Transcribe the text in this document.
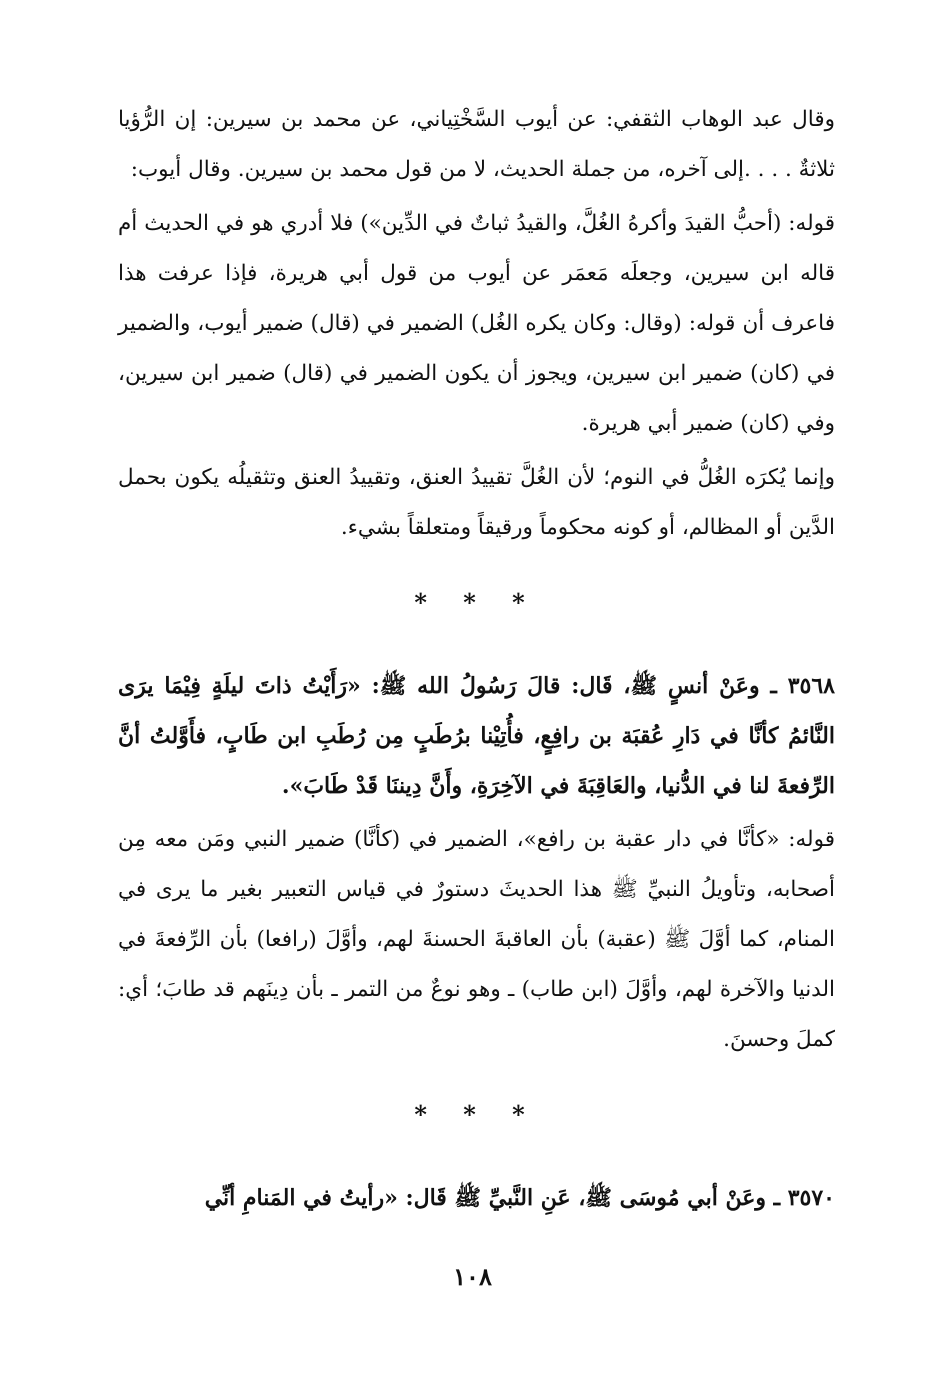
وقال عبد الوهاب الثقفي: عن أيوب السَّخْتِياني، عن محمد بن سيرين: إن الرُّؤيا ثلاثةٌ . . . .إلى آخره، من جملة الحديث، لا من قول محمد بن سيرين. وقال أيوب:

قوله: (أحبُّ القيدَ وأكرهُ الغُلَّ، والقيدُ ثباتٌ في الدِّين») فلا أدري هو في الحديث أم قاله ابن سيرين، وجعلَه مَعمَر عن أيوب من قول أبي هريرة، فإذا عرفت هذا فاعرف أن قوله: (وقال: وكان يكره الغُل) الضمير في (قال) ضمير أيوب، والضمير في (كان) ضمير ابن سيرين، ويجوز أن يكون الضمير في (قال) ضمير ابن سيرين، وفي (كان) ضمير أبي هريرة.

وإنما يُكرَه الغُلُّ في النوم؛ لأن الغُلَّ تقييدُ العنق، وتقييدُ العنق وتثقيلُه يكون بحمل الدَّين أو المظالم، أو كونه محكوماً ورقيقاً ومتعلقاً بشيء.

* * *

٣٥٦٨ ـ وعَنْ أنسٍ ﷺ، قَال: قالَ رَسُولُ الله ﷺ: «رَأَيْتُ ذاتَ ليلَةٍ فِيْمَا يرَى النَّائمُ كأنَّا في دَارِ عُقبَة بن رافِعٍ، فأُتِيْنا برُطَبٍ مِن رُطَبِ ابن طَابٍ، فأَوَّلتُ أنَّ الرِّفعةَ لنا في الدُّنيا، والعَاقِبَةَ في الآخِرَةِ، وأَنَّ دِيننَا قَدْ طَابَ».

قوله: «كأنَّا في دار عقبة بن رافع»، الضمير في (كأنَّا) ضمير النبي ومَن معه مِن أصحابه، وتأويلُ النبيِّ ﷺ هذا الحديثَ دستورٌ في قياس التعبير بغير ما يرى في المنام، كما أوَّلَ ﷺ (عقبة) بأن العاقبةَ الحسنةَ لهم، وأوَّلَ (رافعا) بأن الرِّفعةَ في الدنيا والآخرة لهم، وأوَّلَ (ابن طاب) ـ وهو نوعٌ من التمر ـ بأن دِينَهم قد طابَ؛ أي: كملَ وحسنَ.

* * *

٣٥٧٠ ـ وعَنْ أبي مُوسَى ﷺ، عَنِ النَّبيِّ ﷺ قَال: «رأيتُ في المَنامِ أنِّي

١٠٨
